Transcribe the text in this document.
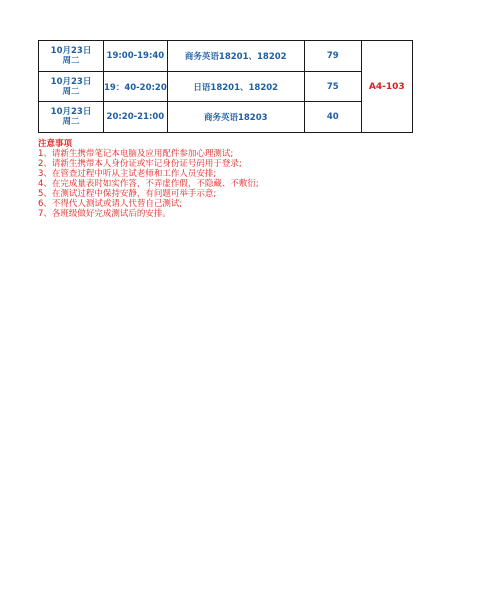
10月23日
周二	19:00-19:40	商务英语18201、18202	79	A4-103

10月23日
周二	19：40-20:20	日语18201、18202	75	

10月23日
周二	20:20-21:00	商务英语18203	40	
注意事项
1、请新生携带笔记本电脑及应用配件参加心理测试;
2、请新生携带本人身份证或牢记身份证号码用于登录;
3、在管查过程中听从主试老师和工作人员安排;
4、在完成量表时如实作答，不弄虚作假，不隐藏、不敷衍;
5、在测试过程中保持安静，有问题可举手示意;
6、不得代人测试或请人代替自己测试;
7、各班级做好完成测试后的安排。
